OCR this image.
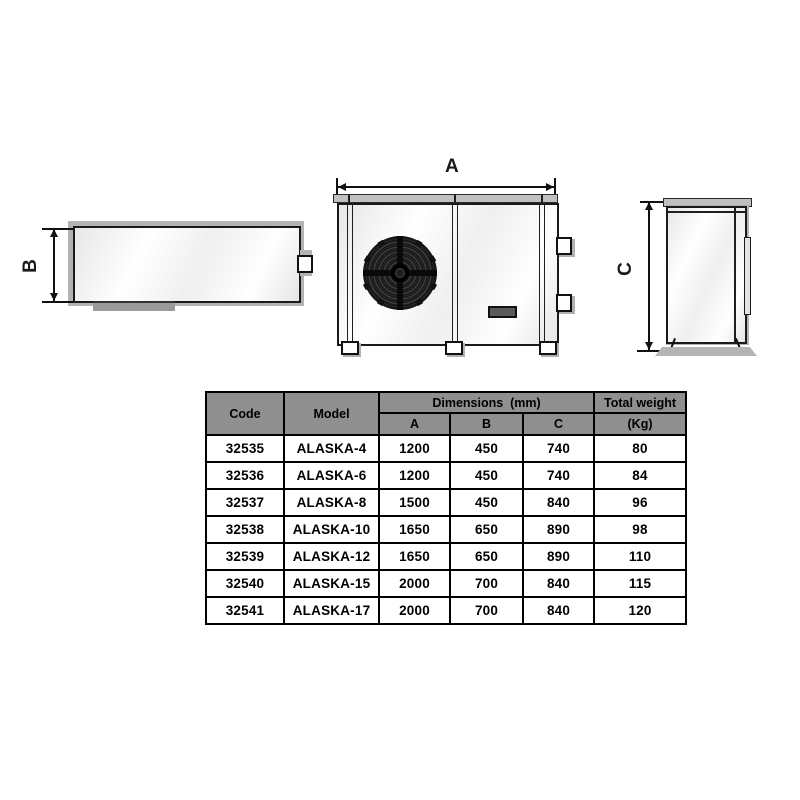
B
A
C
Code	Model	Dimensions  (mm)			Total weight
		A	B	C	(Kg)
32535	ALASKA-4	1200	450	740	80
32536	ALASKA-6	1200	450	740	84
32537	ALASKA-8	1500	450	840	96
32538	ALASKA-10	1650	650	890	98
32539	ALASKA-12	1650	650	890	110
32540	ALASKA-15	2000	700	840	115
32541	ALASKA-17	2000	700	840	120
